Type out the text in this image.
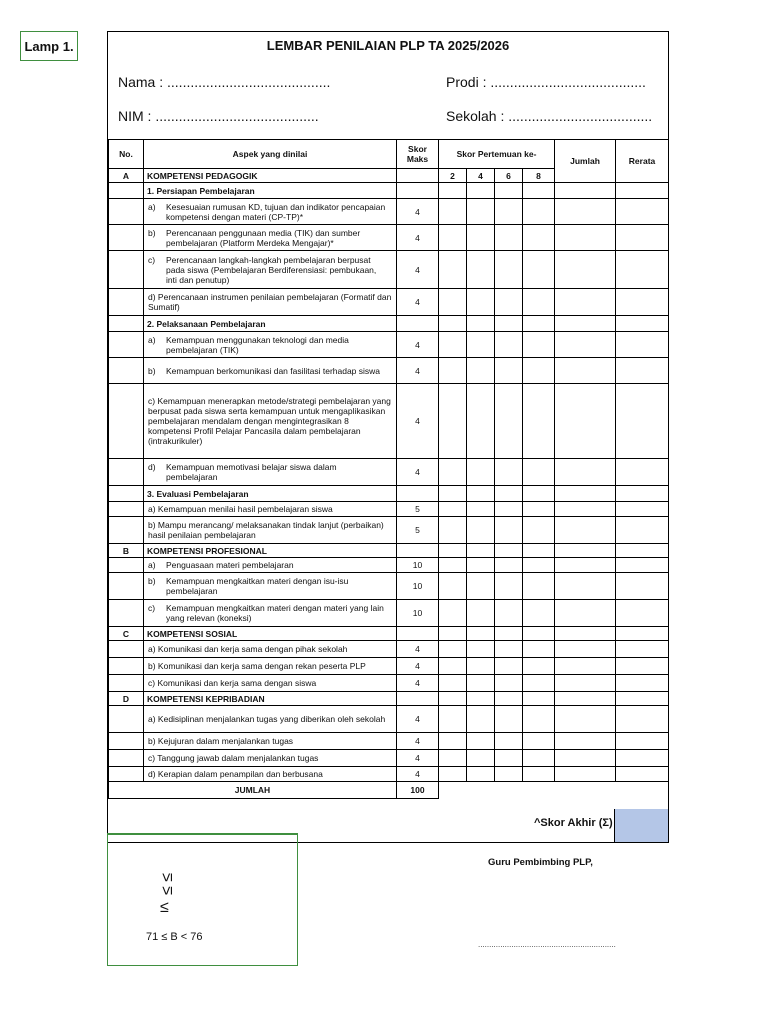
Lamp 1.	LEMBAR PENILAIAN PLP TA 2025/2026
Nama : ..........................................	Prodi : ........................................
NIM : ..........................................	Sekolah : .....................................
No.	Aspek yang dinilai	Skor Maks	Skor Pertemuan ke-				Jumlah	Rerata
A	KOMPETENSI PEDAGOGIK		2	4	6	8		
	1. Persiapan Pembelajaran							
	a) Kesesuaian rumusan KD, tujuan dan indikator pencapaian kompetensi dengan materi (CP-TP)*	4						
	b) Perencanaan penggunaan media (TIK) dan sumber pembelajaran (Platform Merdeka Mengajar)*	4						
	c) Perencanaan langkah-langkah pembelajaran berpusat pada siswa (Pembelajaran Berdiferensiasi: pembukaan, inti dan penutup)	4						
	d) Perencanaan instrumen penilaian pembelajaran (Formatif dan Sumatif)	4						
	2. Pelaksanaan Pembelajaran							
	a) Kemampuan menggunakan teknologi dan media pembelajaran (TIK)	4						
	b) Kemampuan berkomunikasi dan fasilitasi terhadap siswa	4						
	c) Kemampuan menerapkan metode/strategi pembelajaran yang berpusat pada siswa serta kemampuan untuk mengaplikasikan pembelajaran mendalam dengan mengintegrasikan 8 kompetensi Profil Pelajar Pancasila dalam pembelajaran (intrakurikuler)	4						
	d) Kemampuan memotivasi belajar siswa dalam pembelajaran	4						
	3. Evaluasi Pembelajaran							
	a) Kemampuan menilai hasil pembelajaran siswa	5						
	b) Mampu merancang/ melaksanakan tindak lanjut (perbaikan) hasil penilaian pembelajaran	5						
B	KOMPETENSI PROFESIONAL							
	a) Penguasaan materi pembelajaran	10						
	b) Kemampuan mengkaitkan materi dengan isu-isu pembelajaran	10						
	c) Kemampuan mengkaitkan materi dengan materi yang lain yang relevan (koneksi)	10						
C	KOMPETENSI SOSIAL							
	a) Komunikasi dan kerja sama dengan pihak sekolah	4						
	b) Komunikasi dan kerja sama dengan rekan peserta PLP	4						
	c) Komunikasi dan kerja sama dengan siswa	4						
D	KOMPETENSI KEPRIBADIAN							
	a) Kedisiplinan menjalankan tugas yang diberikan oleh sekolah	4						
	b) Kejujuran dalam menjalankan tugas	4						
	c) Tanggung jawab dalam menjalankan tugas	4						
	d) Kerapian dalam penampilan dan berbusana	4						
JUMLAH		100						
^Skor Akhir (Σ)
≤ ≤
≤
71 ≤ B < 76
Guru Pembimbing PLP,
..............................................................
